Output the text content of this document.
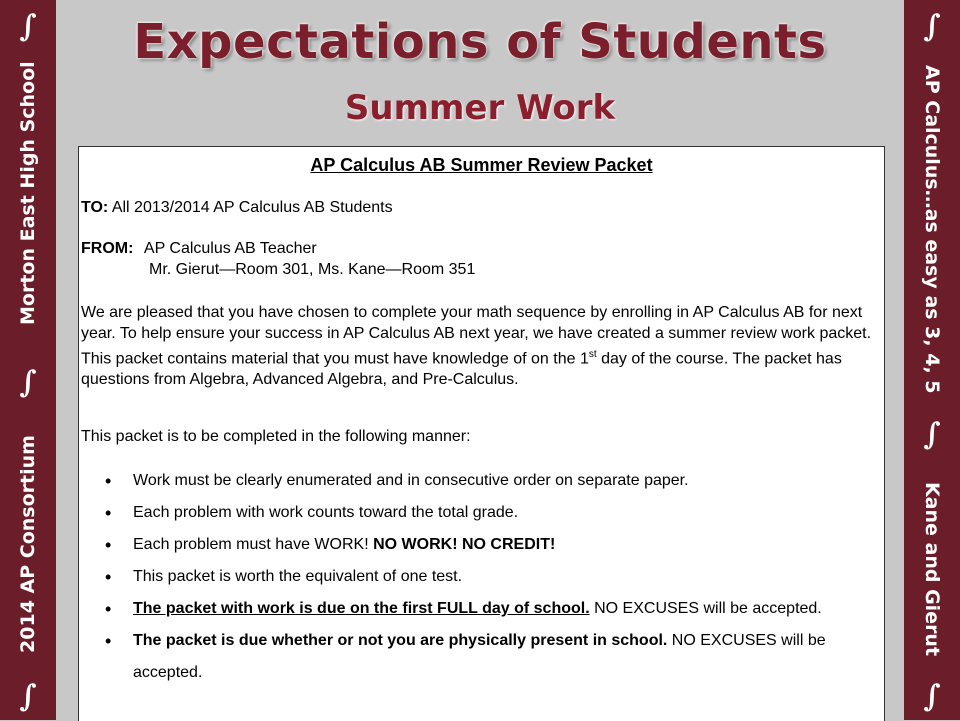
∫
∫
∫
Morton East High School
2014 AP Consortium
∫
∫
∫
AP Calculus…as easy as 3, 4, 5
Kane and Gierut
Expectations of Students
Summer Work
AP Calculus AB Summer Review Packet
TO: All 2013/2014 AP Calculus AB Students
FROM: AP Calculus AB Teacher
Mr. Gierut—Room 301, Ms. Kane—Room 351
We are pleased that you have chosen to complete your math sequence by enrolling in AP Calculus AB for next year. To help ensure your success in AP Calculus AB next year, we have created a summer review work packet. This packet contains material that you must have knowledge of on the 1st day of the course. The packet has questions from Algebra, Advanced Algebra, and Pre-Calculus.
This packet is to be completed in the following manner:
• Work must be clearly enumerated and in consecutive order on separate paper.
• Each problem with work counts toward the total grade.
• Each problem must have WORK! NO WORK! NO CREDIT!
• This packet is worth the equivalent of one test.
• The packet with work is due on the first FULL day of school. NO EXCUSES will be accepted.
• The packet is due whether or not you are physically present in school. NO EXCUSES will be accepted.
